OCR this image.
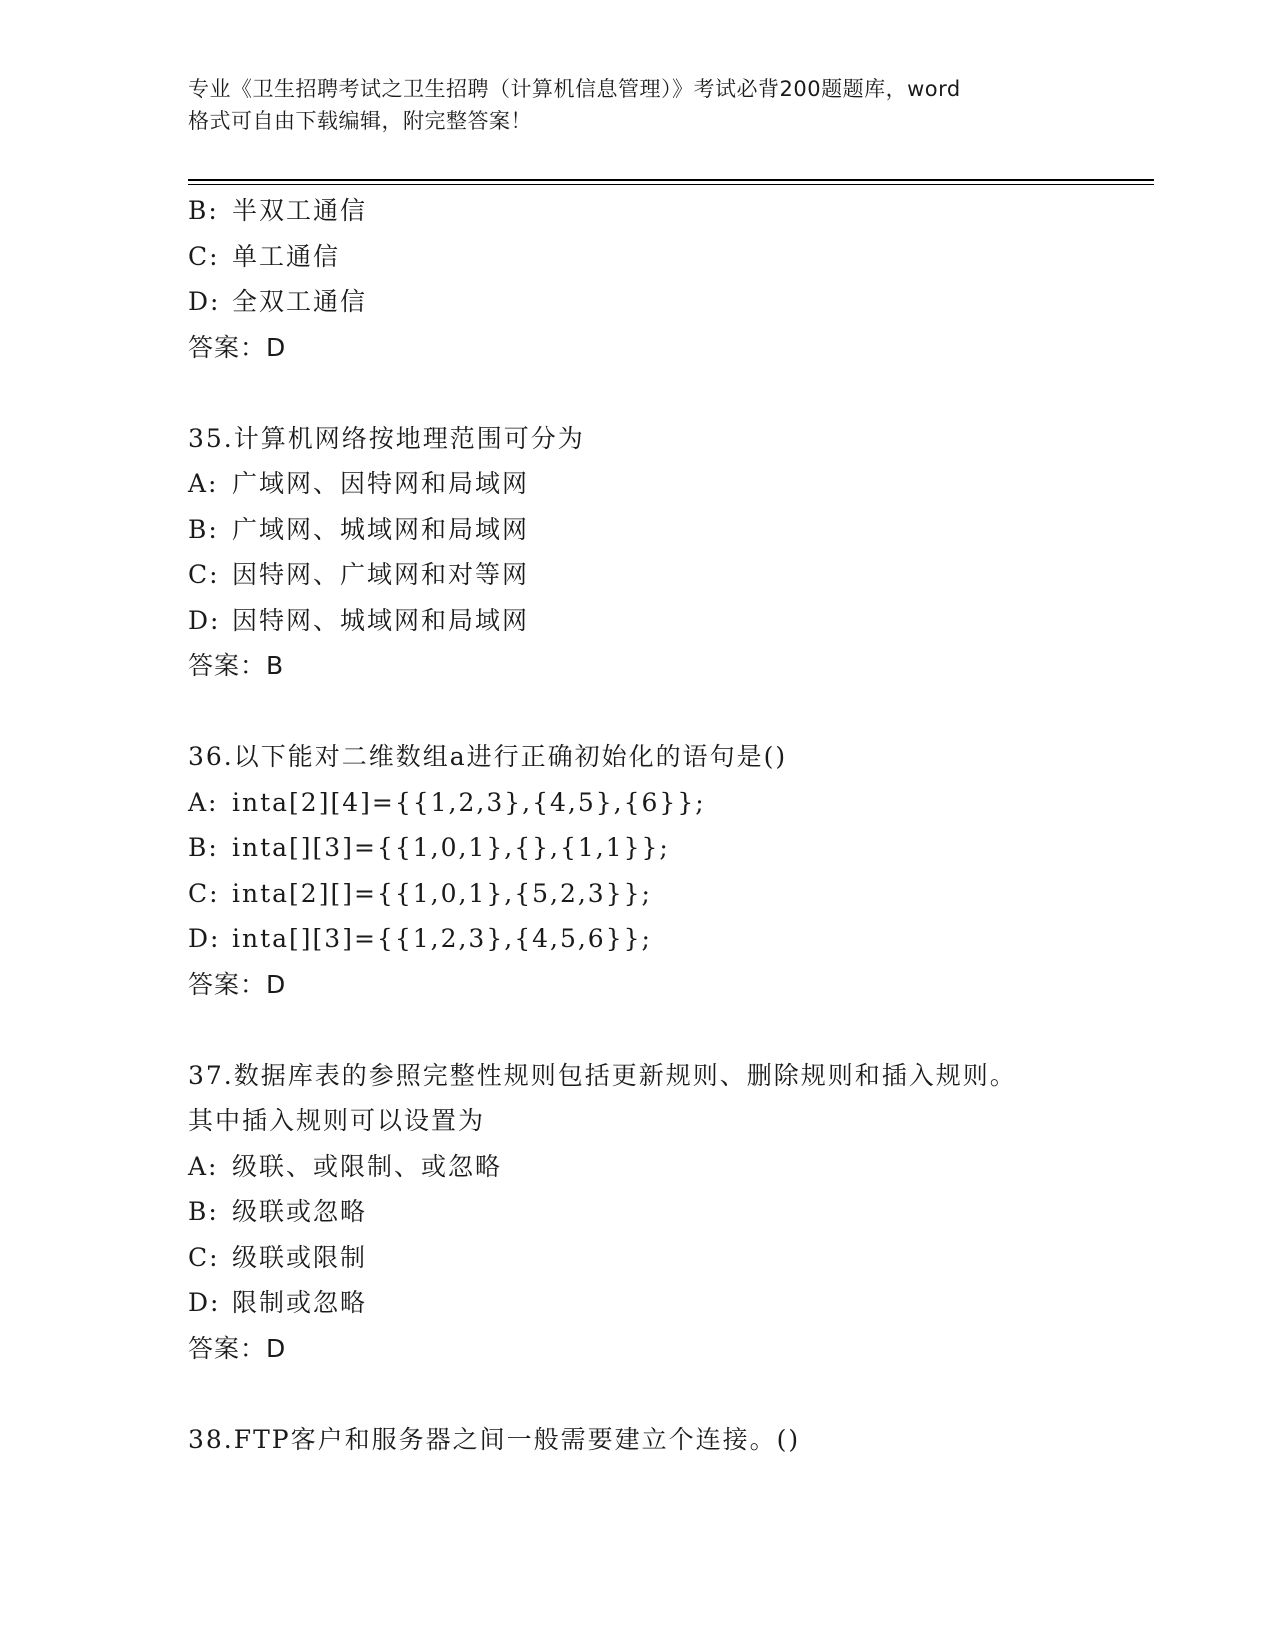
专业《卫生招聘考试之卫生招聘（计算机信息管理）》考试必背200题题库，word
格式可自由下载编辑，附完整答案！
B: 半双工通信
C: 单工通信
D: 全双工通信
答案：D
35.计算机网络按地理范围可分为
A: 广域网、因特网和局域网
B: 广域网、城域网和局域网
C: 因特网、广域网和对等网
D: 因特网、城域网和局域网
答案：B
36.以下能对二维数组a进行正确初始化的语句是()
A: inta[2][4]={{1,2,3},{4,5},{6}};
B: inta[][3]={{1,0,1},{},{1,1}};
C: inta[2][]={{1,0,1},{5,2,3}};
D: inta[][3]={{1,2,3},{4,5,6}};
答案：D
37.数据库表的参照完整性规则包括更新规则、删除规则和插入规则。
其中插入规则可以设置为
A: 级联、或限制、或忽略
B: 级联或忽略
C: 级联或限制
D: 限制或忽略
答案：D
38.FTP客户和服务器之间一般需要建立个连接。()
